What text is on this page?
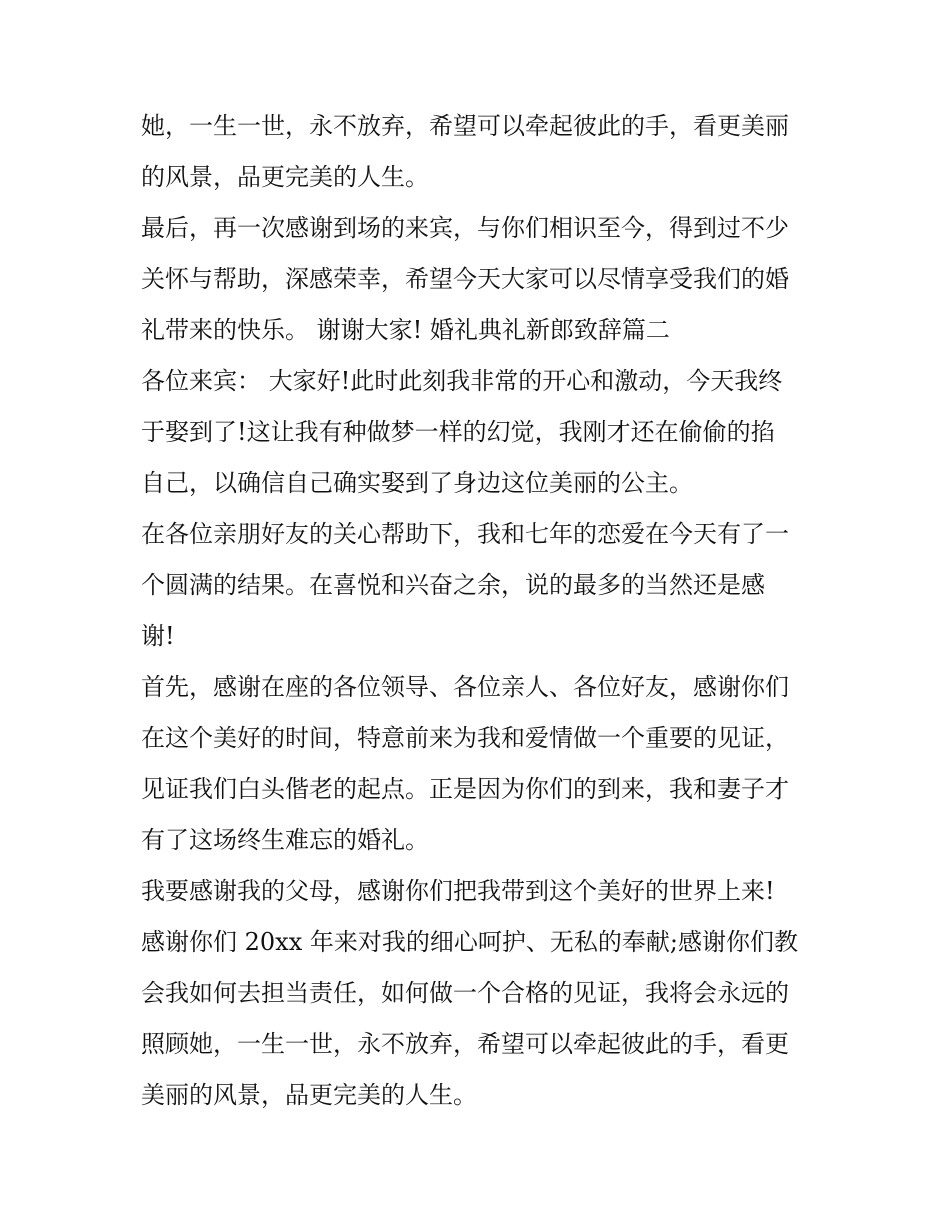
她，一生一世，永不放弃，希望可以牵起彼此的手，看更美丽
的风景，品更完美的人生。
最后，再一次感谢到场的来宾，与你们相识至今，得到过不少
关怀与帮助，深感荣幸，希望今天大家可以尽情享受我们的婚
礼带来的快乐。 谢谢大家! 婚礼典礼新郎致辞篇二
各位来宾： 大家好!此时此刻我非常的开心和激动，今天我终
于娶到了!这让我有种做梦一样的幻觉，我刚才还在偷偷的掐
自己，以确信自己确实娶到了身边这位美丽的公主。
在各位亲朋好友的关心帮助下，我和七年的恋爱在今天有了一
个圆满的结果。在喜悦和兴奋之余，说的最多的当然还是感
谢!
首先，感谢在座的各位领导、各位亲人、各位好友，感谢你们
在这个美好的时间，特意前来为我和爱情做一个重要的见证，
见证我们白头偕老的起点。正是因为你们的到来，我和妻子才
有了这场终生难忘的婚礼。
我要感谢我的父母，感谢你们把我带到这个美好的世界上来!
感谢你们 20xx 年来对我的细心呵护、无私的奉献;感谢你们教
会我如何去担当责任，如何做一个合格的见证，我将会永远的
照顾她，一生一世，永不放弃，希望可以牵起彼此的手，看更
美丽的风景，品更完美的人生。
